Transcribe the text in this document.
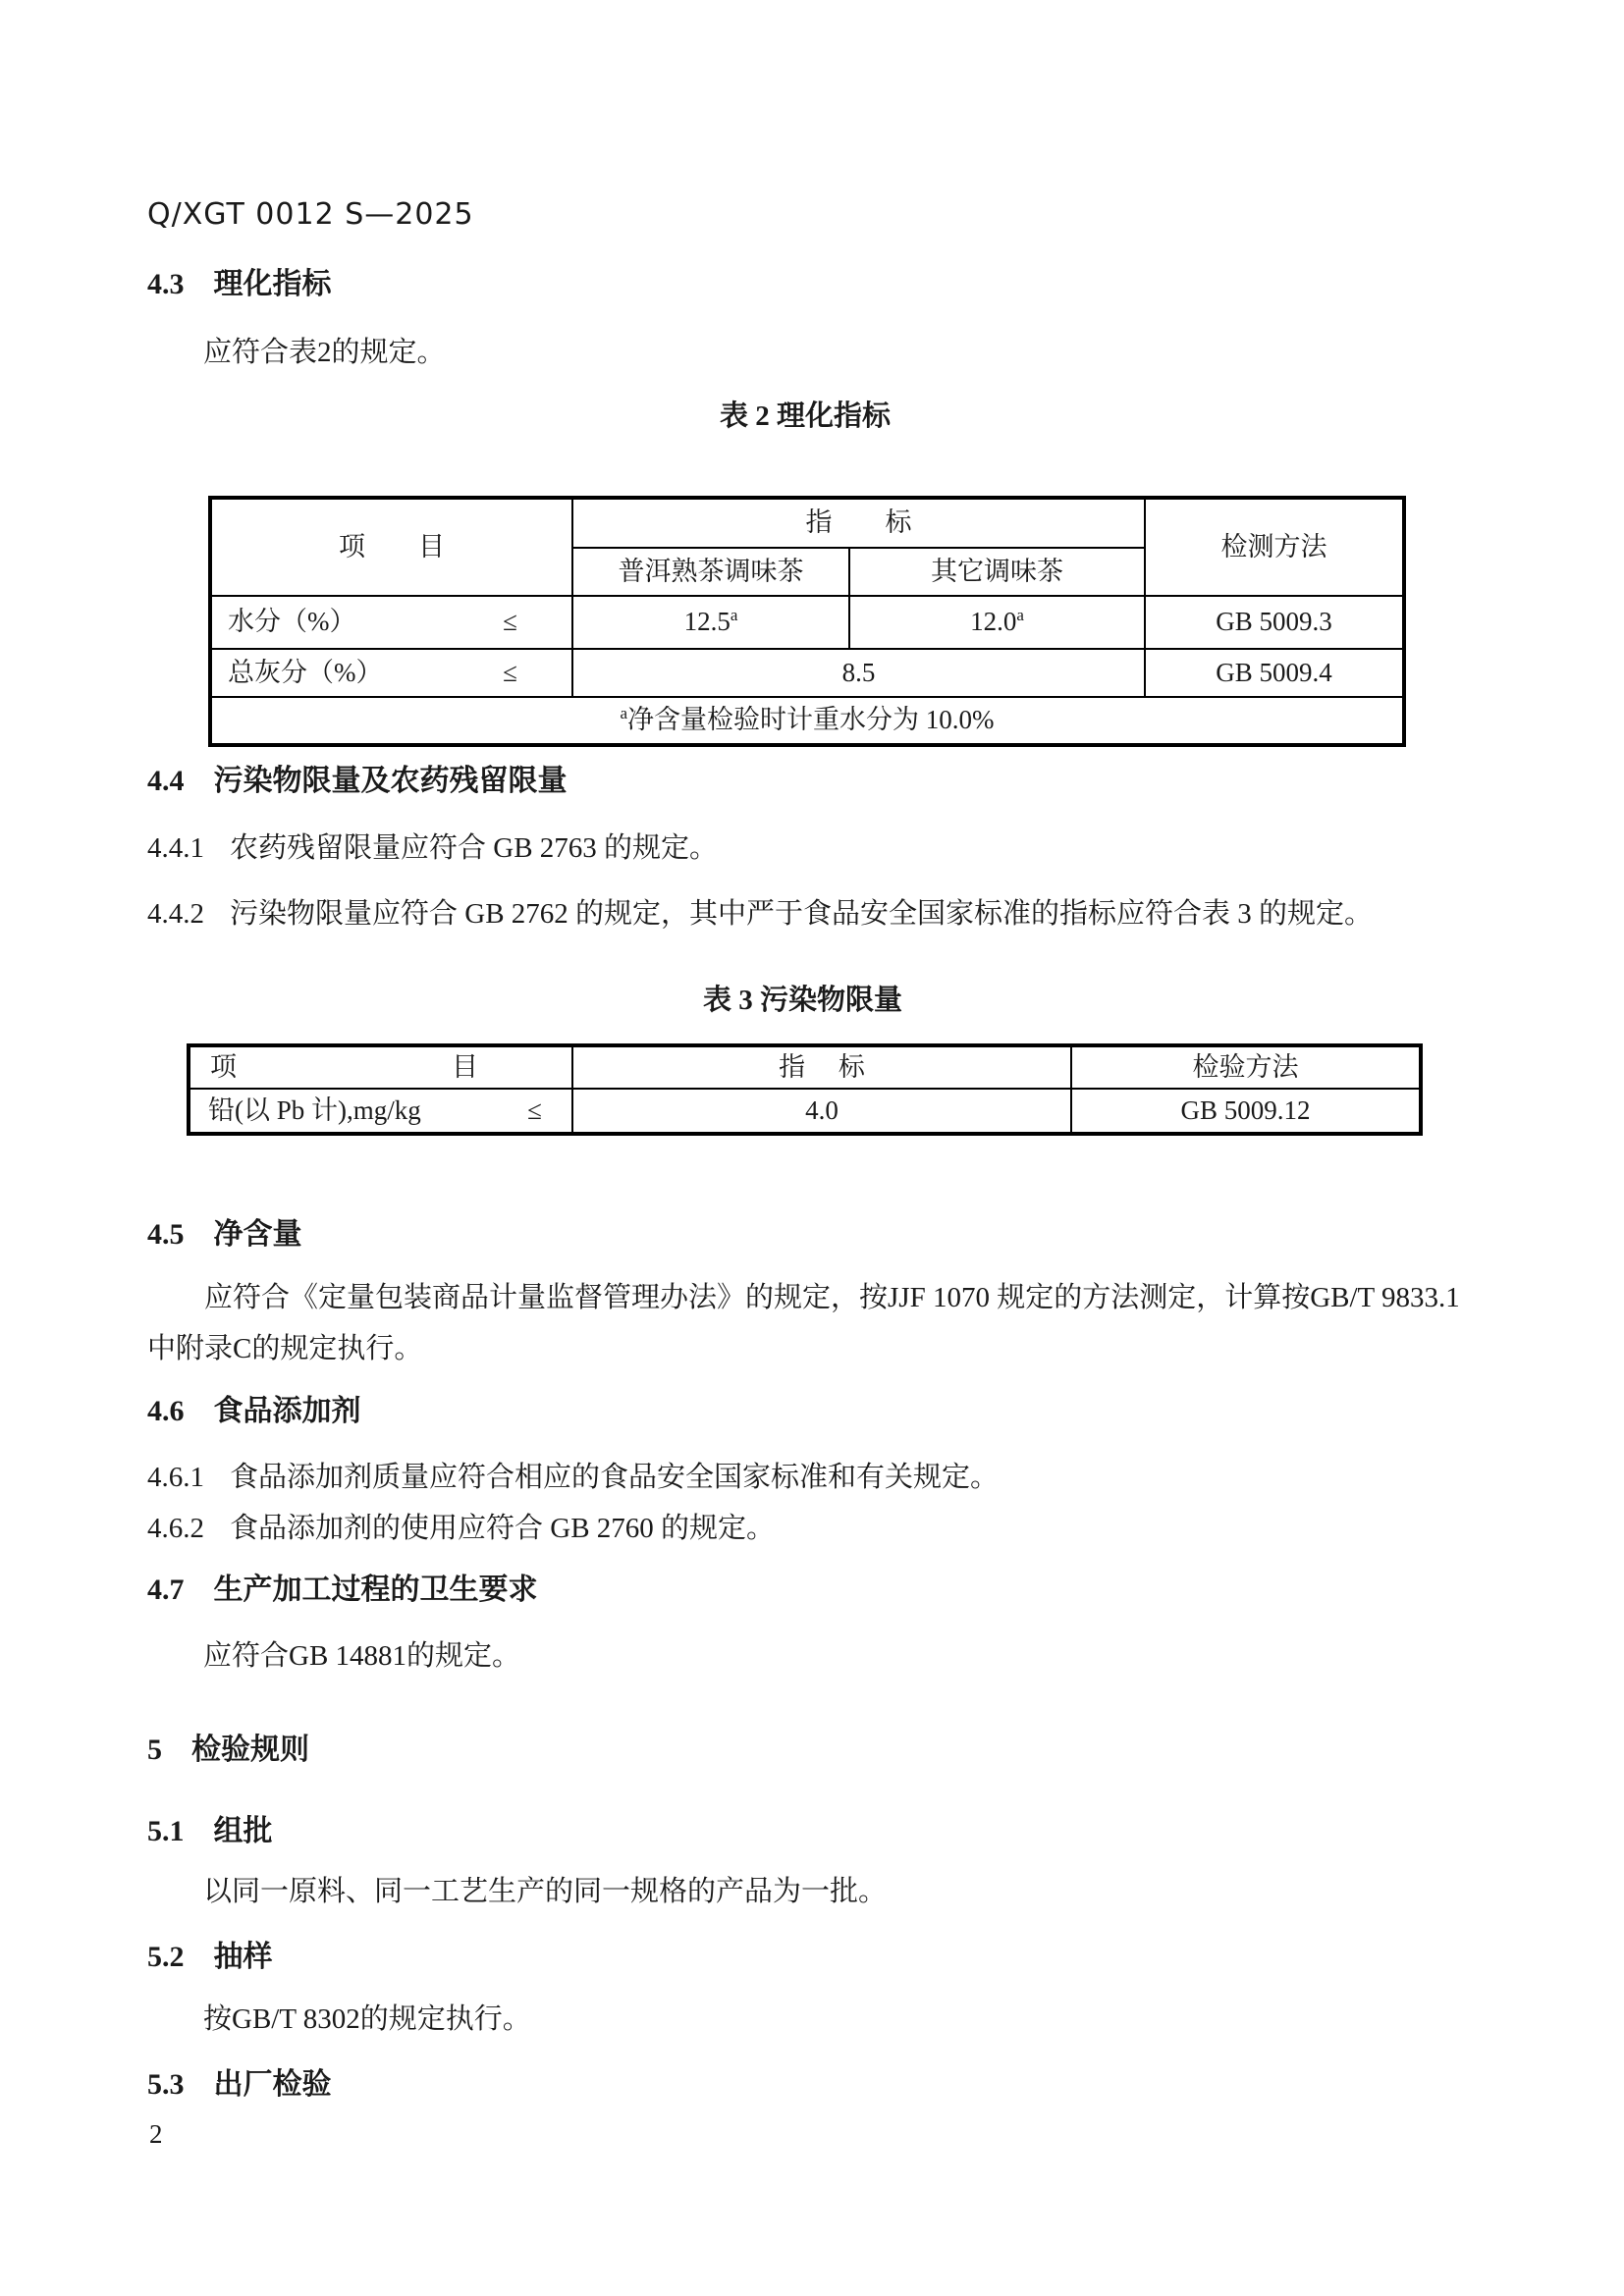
Q/XGT 0012 S—2025
4.3 理化指标
应符合表2的规定。
表 2 理化指标
项　　目	指　　标		检测方法
	普洱熟茶调味茶	其它调味茶	

水分（%） ≤	12.5$^a$	12.0$^a$	GB 5009.3

总灰分（%） ≤	8.5		GB 5009.4
$^a$净含量检验时计重水分为 10.0%			
4.4 污染物限量及农药残留限量
4.4.1 农药残留限量应符合 GB 2763 的规定。
4.4.2 污染物限量应符合 GB 2762 的规定，其中严于食品安全国家标准的指标应符合表 3 的规定。
表 3 污染物限量
项 目	指　 标	检验方法

铅(以 Pb 计),mg/kg ≤	4.0	GB 5009.12
4.5 净含量
应符合《定量包装商品计量监督管理办法》的规定，按JJF 1070 规定的方法测定，计算按GB/T 9833.1
中附录C的规定执行。
4.6 食品添加剂
4.6.1 食品添加剂质量应符合相应的食品安全国家标准和有关规定。
4.6.2 食品添加剂的使用应符合 GB 2760 的规定。
4.7 生产加工过程的卫生要求
应符合GB 14881的规定。
5 检验规则
5.1 组批
以同一原料、同一工艺生产的同一规格的产品为一批。
5.2 抽样
按GB/T 8302的规定执行。
5.3 出厂检验
2
